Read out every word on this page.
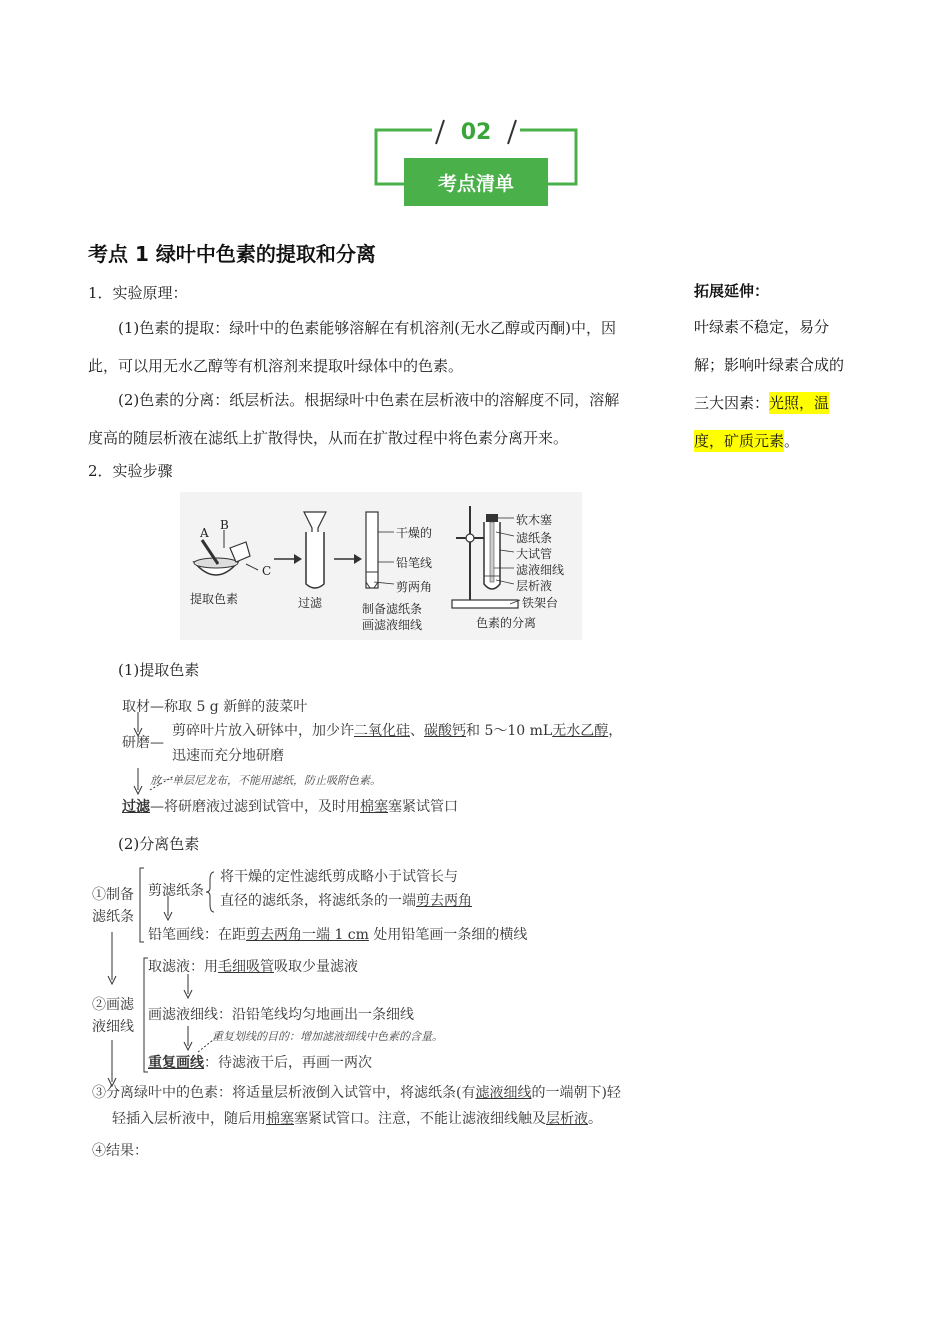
02
考点清单
考点 1 绿叶中色素的提取和分离
1．实验原理：
(1)色素的提取：绿叶中的色素能够溶解在有机溶剂(无水乙醇或丙酮)中，因
此，可以用无水乙醇等有机溶剂来提取叶绿体中的色素。
(2)色素的分离：纸层析法。根据绿叶中色素在层析液中的溶解度不同，溶解
度高的随层析液在滤纸上扩散得快，从而在扩散过程中将色素分离开来。
拓展延伸：
叶绿素不稳定，易分
解；影响叶绿素合成的
三大因素：光照，温
度，矿质元素。
2．实验步骤
A
B
C
提取色素	过滤	制备滤纸条
画滤液细线	色素的分离
干燥的
铅笔线
剪两角
软木塞
滤纸条
大试管
滤液细线
层析液
铁架台
(1)提取色素
取材—称取 5 g 新鲜的菠菜叶
研磨—
剪碎叶片放入研钵中，加少许二氧化硅、碳酸钙和 5～10 mL无水乙醇，
迅速而充分地研磨
放一单层尼龙布，不能用滤纸，防止吸附色素。
过滤—将研磨液过滤到试管中，及时用棉塞塞紧试管口
(2)分离色素
①制备
滤纸条
剪滤纸条
将干燥的定性滤纸剪成略小于试管长与
直径的滤纸条，将滤纸条的一端剪去两角
铅笔画线：在距剪去两角一端 1 cm 处用铅笔画一条细的横线
取滤液：用毛细吸管吸取少量滤液
②画滤
液细线
画滤液细线：沿铅笔线均匀地画出一条细线
重复划线的目的：增加滤液细线中色素的含量。
重复画线：待滤液干后，再画一两次
③分离绿叶中的色素：将适量层析液倒入试管中，将滤纸条(有滤液细线的一端朝下)轻
轻插入层析液中，随后用棉塞塞紧试管口。注意，不能让滤液细线触及层析液。
④结果：
